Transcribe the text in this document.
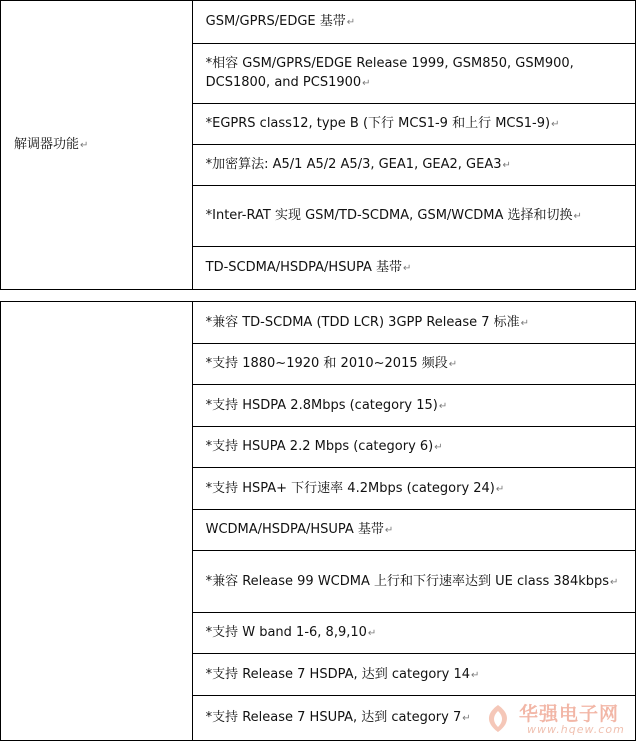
解调器功能↵	GSM/GPRS/EDGE 基带↵
*相容 GSM/GPRS/EDGE Release 1999, GSM850, GSM900, DCS1800, and PCS1900↵
*EGPRS class12, type B (下行 MCS1-9 和上行 MCS1-9)↵
*加密算法: A5/1 A5/2 A5/3, GEA1, GEA2, GEA3↵
*Inter-RAT 实现 GSM/TD-SCDMA, GSM/WCDMA 选择和切换↵
TD-SCDMA/HSDPA/HSUPA 基带↵
	*兼容 TD-SCDMA (TDD LCR) 3GPP Release 7 标准↵
*支持 1880~1920 和 2010~2015 频段↵
*支持 HSDPA 2.8Mbps (category 15)↵
*支持 HSUPA 2.2 Mbps (category 6)↵
*支持 HSPA+ 下行速率 4.2Mbps (category 24)↵
WCDMA/HSDPA/HSUPA 基带↵
*兼容 Release 99 WCDMA 上行和下行速率达到 UE class 384kbps↵
*支持 W band 1-6, 8,9,10↵
*支持 Release 7 HSDPA, 达到 category 14↵
*支持 Release 7 HSUPA, 达到 category 7↵	华强电子网
www.hqew.com
